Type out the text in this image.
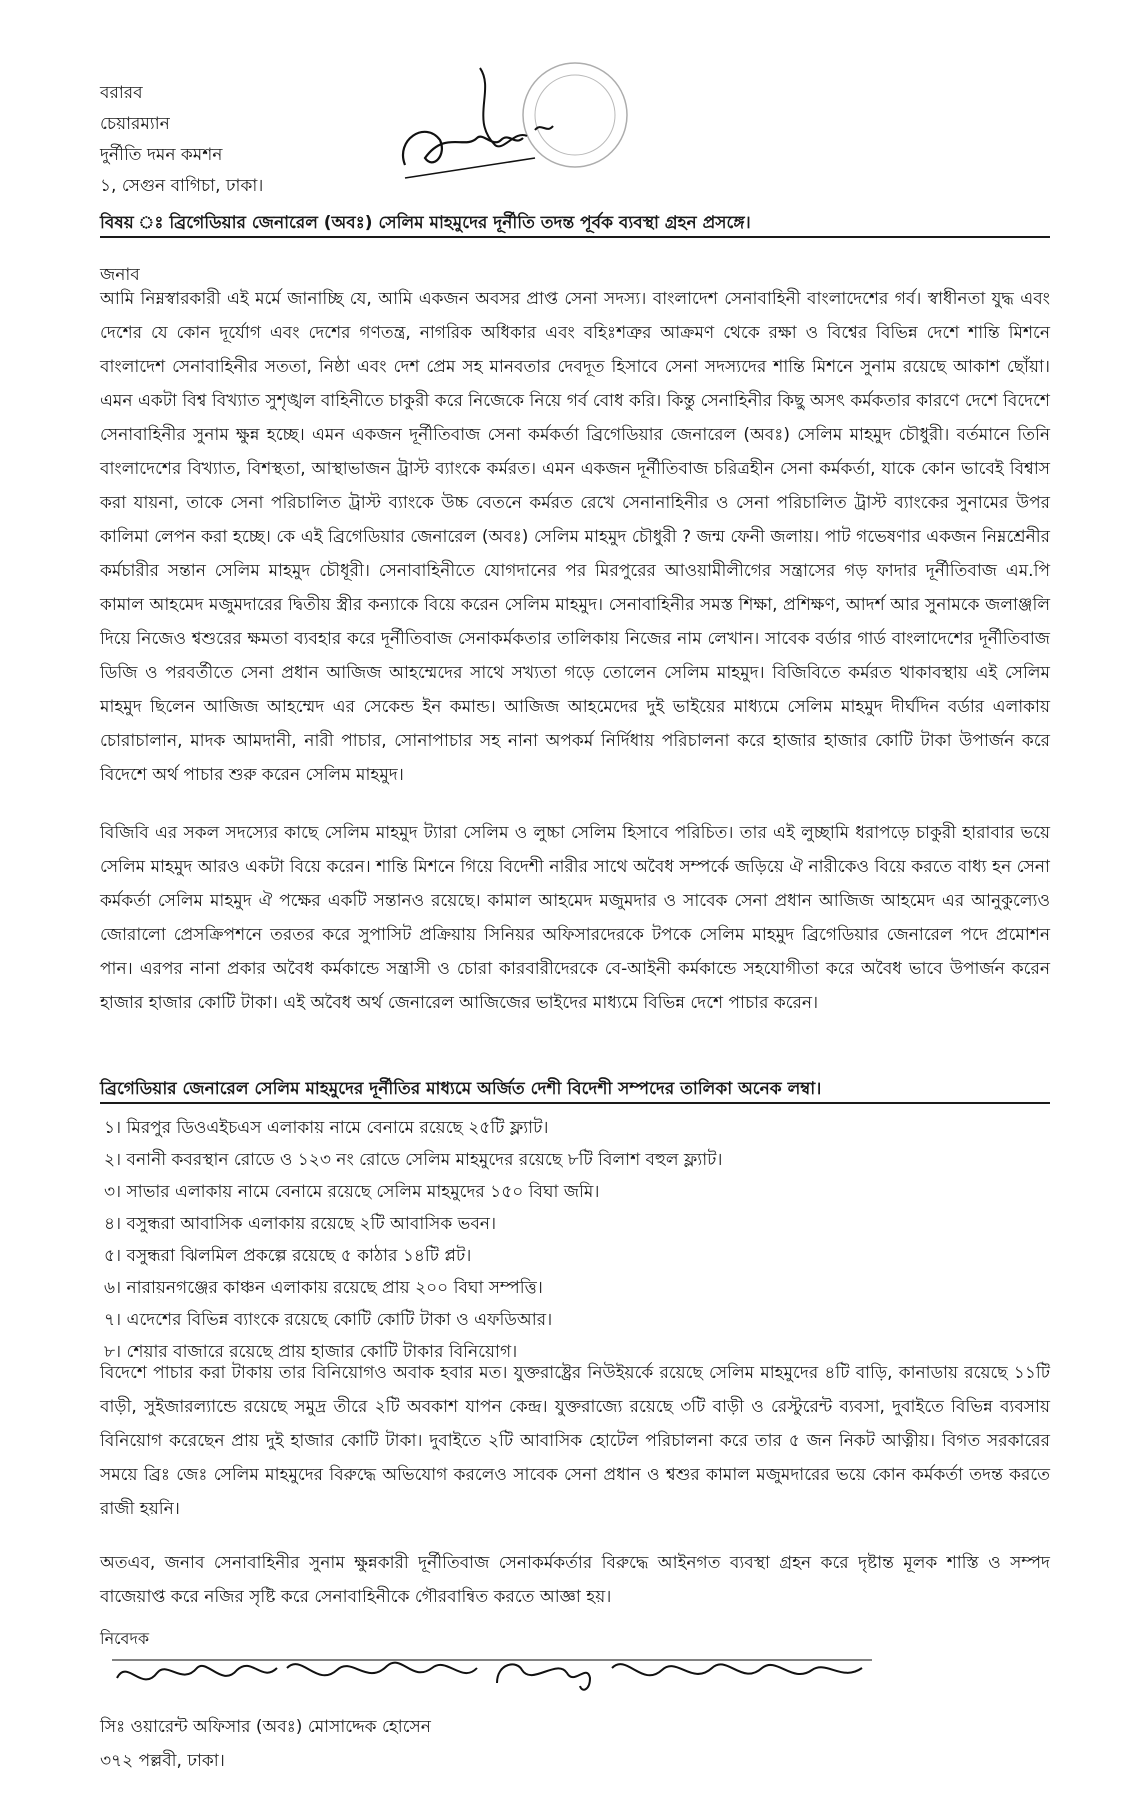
বরারব
চেয়ারম্যান
দুর্নীতি দমন কমশন
১, সেগুন বাগিচা, ঢাকা।
বিষয় ঃ ব্রিগেডিয়ার জেনারেল (অবঃ) সেলিম মাহমুদের দূর্নীতি তদন্ত পূর্বক ব্যবস্থা গ্রহন প্রসঙ্গে।
জনাব
আমি নিম্নস্বারকারী এই মর্মে জানাচ্ছি যে, আমি একজন অবসর প্রাপ্ত সেনা সদস্য। বাংলাদেশ সেনাবাহিনী বাংলাদেশের গর্ব। স্বাধীনতা যুদ্ধ এবং দেশের যে কোন দূর্যোগ এবং দেশের গণতন্ত্র, নাগরিক অধিকার এবং বহিঃশত্রুর আক্রমণ থেকে রক্ষা ও বিশ্বের বিভিন্ন দেশে শান্তি মিশনে বাংলাদেশ সেনাবাহিনীর সততা, নিষ্ঠা এবং দেশ প্রেম সহ মানবতার দেবদূত হিসাবে সেনা সদস্যদের শান্তি মিশনে সুনাম রয়েছে আকাশ ছোঁয়া। এমন একটা বিশ্ব বিখ্যাত সুশৃঙ্খল বাহিনীতে চাকুরী করে নিজেকে নিয়ে গর্ব বোধ করি। কিন্তু সেনাহিনীর কিছু অসৎ কর্মকতার কারণে দেশে বিদেশে সেনাবাহিনীর সুনাম ক্ষুন্ন হচ্ছে। এমন একজন দূর্নীতিবাজ সেনা কর্মকর্তা ব্রিগেডিয়ার জেনারেল (অবঃ) সেলিম মাহমুদ চৌধুরী। বর্তমানে তিনি বাংলাদেশের বিখ্যাত, বিশস্থতা, আস্থাভাজন ট্রাস্ট ব্যাংকে কর্মরত। এমন একজন দূর্নীতিবাজ চরিত্রহীন সেনা কর্মকর্তা, যাকে কোন ভাবেই বিশ্বাস করা যায়না, তাকে সেনা পরিচালিত ট্রাস্ট ব্যাংকে উচ্চ বেতনে কর্মরত রেখে সেনানাহিনীর ও সেনা পরিচালিত ট্রাস্ট ব্যাংকের সুনামের উপর কালিমা লেপন করা হচ্ছে। কে এই ব্রিগেডিয়ার জেনারেল (অবঃ) সেলিম মাহমুদ চৌধুরী ? জন্ম ফেনী জলায়। পাট গভেষণার একজন নিম্নশ্রেনীর কর্মচারীর সন্তান সেলিম মাহমুদ চৌধূরী। সেনাবাহিনীতে যোগদানের পর মিরপুরের আওয়ামীলীগের সন্ত্রাসের গড় ফাদার দূর্নীতিবাজ এম.পি কামাল আহমেদ মজুমদারের দ্বিতীয় স্ত্রীর কন্যাকে বিয়ে করেন সেলিম মাহমুদ। সেনাবাহিনীর সমস্ত শিক্ষা, প্রশিক্ষণ, আদর্শ আর সুনামকে জলাঞ্জলি দিয়ে নিজেও শ্বশুরের ক্ষমতা ব্যবহার করে দূর্নীতিবাজ সেনাকর্মকতার তালিকায় নিজের নাম লেখান। সাবেক বর্ডার গার্ড বাংলাদেশের দূর্নীতিবাজ ডিজি ও পরবর্তীতে সেনা প্রধান আজিজ আহম্মেদের সাথে সখ্যতা গড়ে তোলেন সেলিম মাহমুদ। বিজিবিতে কর্মরত থাকাবস্থায় এই সেলিম মাহমুদ ছিলেন আজিজ আহম্মেদ এর সেকেন্ড ইন কমান্ড। আজিজ আহমেদের দুই ভাইয়ের মাধ্যমে সেলিম মাহমুদ দীর্ঘদিন বর্ডার এলাকায় চোরাচালান, মাদক আমদানী, নারী পাচার, সোনাপাচার সহ নানা অপকর্ম নির্দিধায় পরিচালনা করে হাজার হাজার কোটি টাকা উপার্জন করে বিদেশে অর্থ পাচার শুরু করেন সেলিম মাহমুদ।
বিজিবি এর সকল সদস্যের কাছে সেলিম মাহমুদ ট্যারা সেলিম ও লুচ্চা সেলিম হিসাবে পরিচিত। তার এই লুচ্ছামি ধরাপড়ে চাকুরী হারাবার ভয়ে সেলিম মাহমুদ আরও একটা বিয়ে করেন। শান্তি মিশনে গিয়ে বিদেশী নারীর সাথে অবৈধ সম্পর্কে জড়িয়ে ঐ নারীকেও বিয়ে করতে বাধ্য হন সেনা কর্মকর্তা সেলিম মাহমুদ ঐ পক্ষের একটি সন্তানও রয়েছে। কামাল আহমেদ মজুমদার ও সাবেক সেনা প্রধান আজিজ আহমেদ এর আনুকুল্যেও জোরালো প্রেসক্রিপশনে তরতর করে সুপাসিট প্রক্রিয়ায় সিনিয়র অফিসারদেরকে টপকে সেলিম মাহমুদ ব্রিগেডিয়ার জেনারেল পদে প্রমোশন পান। এরপর নানা প্রকার অবৈধ কর্মকান্ডে সন্ত্রাসী ও চোরা কারবারীদেরকে বে-আইনী কর্মকান্ডে সহযোগীতা করে অবৈধ ভাবে উপার্জন করেন হাজার হাজার কোটি টাকা। এই অবৈধ অর্থ জেনারেল আজিজের ভাইদের মাধ্যমে বিভিন্ন দেশে পাচার করেন।
ব্রিগেডিয়ার জেনারেল সেলিম মাহমুদের দূর্নীতির মাধ্যমে অর্জিত দেশী বিদেশী সম্পদের তালিকা অনেক লম্বা।
১। মিরপুর ডিওএইচএস এলাকায় নামে বেনামে রয়েছে ২৫টি ফ্ল্যাট।
২। বনানী কবরস্থান রোডে ও ১২৩ নং রোডে সেলিম মাহমুদের রয়েছে ৮টি বিলাশ বহুল ফ্ল্যাট।
৩। সাভার এলাকায় নামে বেনামে রয়েছে সেলিম মাহমুদের ১৫০ বিঘা জমি।
৪। বসুন্ধরা আবাসিক এলাকায় রয়েছে ২টি আবাসিক ভবন।
৫। বসুন্ধরা ঝিলমিল প্রকল্পে রয়েছে ৫ কাঠার ১৪টি প্লট।
৬। নারায়নগঞ্জের কাঞ্চন এলাকায় রয়েছে প্রায় ২০০ বিঘা সম্পত্তি।
৭। এদেশের বিভিন্ন ব্যাংকে রয়েছে কোটি কোটি টাকা ও এফডিআর।
৮। শেয়ার বাজারে রয়েছে প্রায় হাজার কোটি টাকার বিনিয়োগ।
বিদেশে পাচার করা টাকায় তার বিনিয়োগও অবাক হবার মত। যুক্তরাষ্ট্রের নিউইয়র্কে রয়েছে সেলিম মাহমুদের ৪টি বাড়ি, কানাডায় রয়েছে ১১টি বাড়ী, সুইজারল্যান্ডে রয়েছে সমুদ্র তীরে ২টি অবকাশ যাপন কেন্দ্র। যুক্তরাজ্যে রয়েছে ৩টি বাড়ী ও রেস্টুরেন্ট ব্যবসা, দুবাইতে বিভিন্ন ব্যবসায় বিনিয়োগ করেছেন প্রায় দুই হাজার কোটি টাকা। দুবাইতে ২টি আবাসিক হোটেল পরিচালনা করে তার ৫ জন নিকট আত্নীয়। বিগত সরকারের সময়ে ব্রিঃ জেঃ সেলিম মাহমুদের বিরুদ্ধে অভিযোগ করলেও সাবেক সেনা প্রধান ও শ্বশুর কামাল মজুমদারের ভয়ে কোন কর্মকর্তা তদন্ত করতে রাজী হয়নি।
অতএব, জনাব সেনাবাহিনীর সুনাম ক্ষুন্নকারী দূর্নীতিবাজ সেনাকর্মকর্তার বিরুদ্ধে আইনগত ব্যবস্থা গ্রহন করে দৃষ্টান্ত মূলক শাস্তি ও সম্পদ বাজেয়াপ্ত করে নজির সৃষ্টি করে সেনাবাহিনীকে গৌরবান্বিত করতে আজ্ঞা হয়।
নিবেদক
সিঃ ওয়ারেন্ট অফিসার (অবঃ) মোসাদ্দেক হোসেন
৩৭২ পল্লবী, ঢাকা।
